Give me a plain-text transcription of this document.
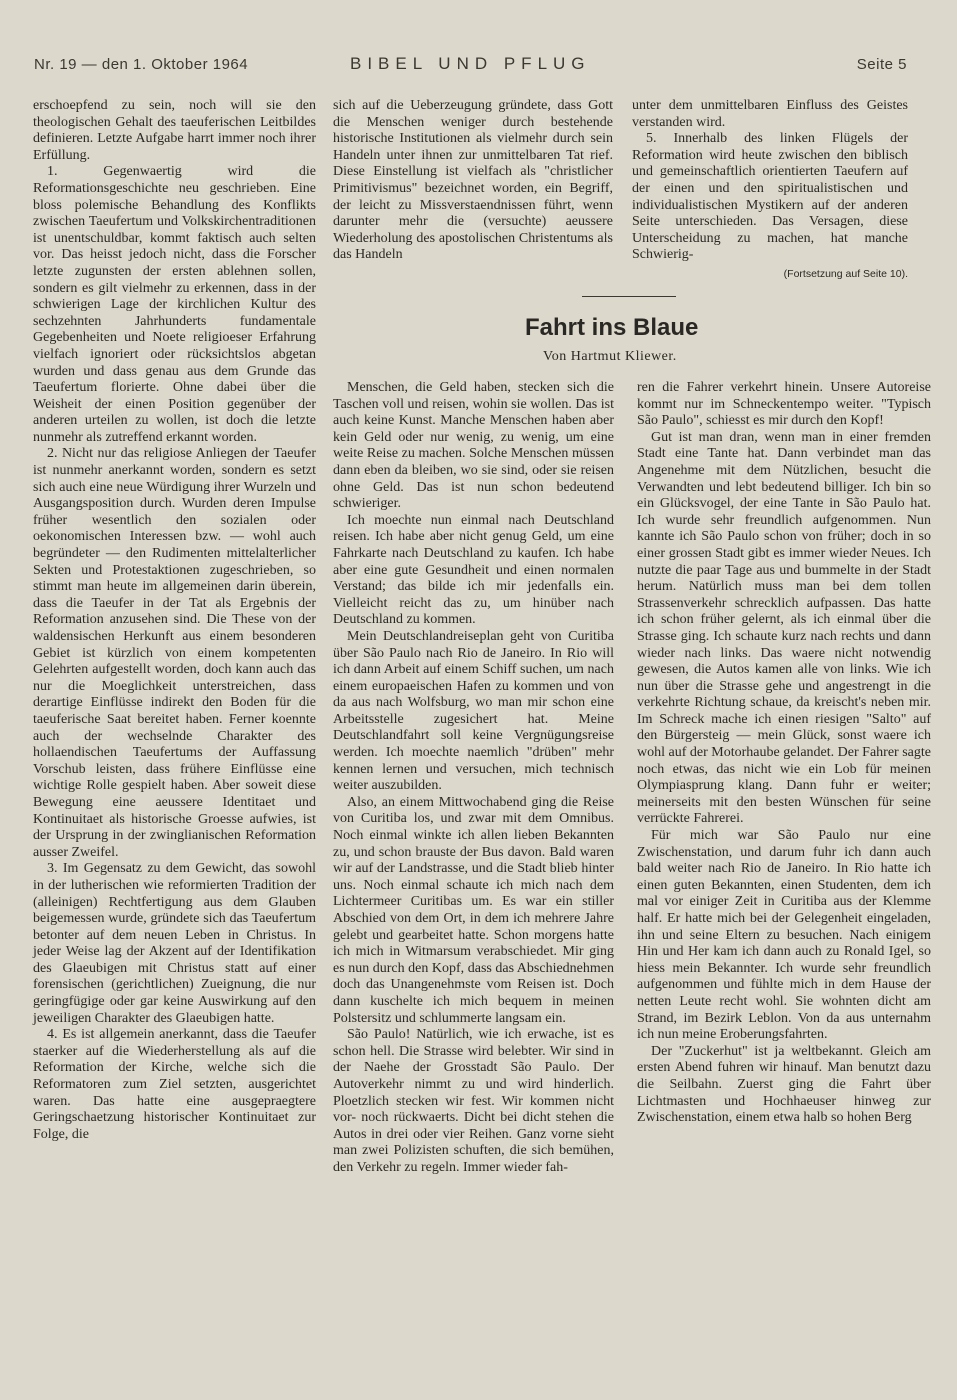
Nr. 19 — den 1. Oktober 1964	BIBEL UND PFLUG	Seite 5

erschoepfend zu sein, noch will sie den theologischen Gehalt des taeuferischen Leitbildes definieren. Letzte Aufgabe harrt immer noch ihrer Erfüllung.

1. Gegenwaertig wird die Reformationsgeschichte neu geschrieben. Eine bloss polemische Behandlung des Konflikts zwischen Taeufertum und Volkskirchentraditionen ist unentschuldbar, kommt faktisch auch selten vor. Das heisst jedoch nicht, dass die Forscher letzte zugunsten der ersten ablehnen sollen, sondern es gilt vielmehr zu erkennen, dass in der schwierigen Lage der kirchlichen Kultur des sechzehnten Jahrhunderts fundamentale Gegebenheiten und Noete religioeser Erfahrung vielfach ignoriert oder rücksichtslos abgetan wurden und dass genau aus dem Grunde das Taeufertum florierte. Ohne dabei über die Weisheit der einen Position gegenüber der anderen urteilen zu wollen, ist doch die letzte nunmehr als zutreffend erkannt worden.

2. Nicht nur das religiose Anliegen der Taeufer ist nunmehr anerkannt worden, sondern es setzt sich auch eine neue Würdigung ihrer Wurzeln und Ausgangsposition durch. Wurden deren Impulse früher wesentlich den sozialen oder oekonomischen Interessen bzw. — wohl auch begründeter — den Rudimenten mittelalterlicher Sekten und Protestaktionen zugeschrieben, so stimmt man heute im allgemeinen darin überein, dass die Taeufer in der Tat als Ergebnis der Reformation anzusehen sind. Die These von der waldensischen Herkunft aus einem besonderen Gebiet ist kürzlich von einem kompetenten Gelehrten aufgestellt worden, doch kann auch das nur die Moeglichkeit unterstreichen, dass derartige Einflüsse indirekt den Boden für die taeuferische Saat bereitet haben. Ferner koennte auch der wechselnde Charakter des hollaendischen Taeufertums der Auffassung Vorschub leisten, dass frühere Einflüsse eine wichtige Rolle gespielt haben. Aber soweit diese Bewegung eine aeussere Identitaet und Kontinuitaet als historische Groesse aufwies, ist der Ursprung in der zwinglianischen Reformation ausser Zweifel.

3. Im Gegensatz zu dem Gewicht, das sowohl in der lutherischen wie reformierten Tradition der (alleinigen) Rechtfertigung aus dem Glauben beigemessen wurde, gründete sich das Taeufertum betonter auf dem neuen Leben in Christus. In jeder Weise lag der Akzent auf der Identifikation des Glaeubigen mit Christus statt auf einer forensischen (gerichtlichen) Zueignung, die nur geringfügige oder gar keine Auswirkung auf den jeweiligen Charakter des Glaeubigen hatte.

4. Es ist allgemein anerkannt, dass die Taeufer staerker auf die Wiederherstellung als auf die Reformation der Kirche, welche sich die Reformatoren zum Ziel setzten, ausgerichtet waren. Das hatte eine ausgepraegtere Geringschaetzung historischer Kontinuitaet zur Folge, die

sich auf die Ueberzeugung gründete, dass Gott die Menschen weniger durch bestehende historische Institutionen als vielmehr durch sein Handeln unter ihnen zur unmittelbaren Tat rief. Diese Einstellung ist vielfach als "christlicher Primitivismus" bezeichnet worden, ein Begriff, der leicht zu Missverstaendnissen führt, wenn darunter mehr die (versuchte) aeussere Wiederholung des apostolischen Christentums als das Handeln

unter dem unmittelbaren Einfluss des Geistes verstanden wird.

5. Innerhalb des linken Flügels der Reformation wird heute zwischen den biblisch und gemeinschaftlich orientierten Taeufern auf der einen und den spiritualistischen und individualistischen Mystikern auf der anderen Seite unterschieden. Das Versagen, diese Unterscheidung zu machen, hat manche Schwierig-

(Fortsetzung auf Seite 10).
Fahrt ins Blaue
Von Hartmut Kliewer.

Menschen, die Geld haben, stecken sich die Taschen voll und reisen, wohin sie wollen. Das ist auch keine Kunst. Manche Menschen haben aber kein Geld oder nur wenig, zu wenig, um eine weite Reise zu machen. Solche Menschen müssen dann eben da bleiben, wo sie sind, oder sie reisen ohne Geld. Das ist nun schon bedeutend schwieriger.

Ich moechte nun einmal nach Deutschland reisen. Ich habe aber nicht genug Geld, um eine Fahrkarte nach Deutschland zu kaufen. Ich habe aber eine gute Gesundheit und einen normalen Verstand; das bilde ich mir jedenfalls ein. Vielleicht reicht das zu, um hinüber nach Deutschland zu kommen.

Mein Deutschlandreiseplan geht von Curitiba über São Paulo nach Rio de Janeiro. In Rio will ich dann Arbeit auf einem Schiff suchen, um nach einem europaeischen Hafen zu kommen und von da aus nach Wolfsburg, wo man mir schon eine Arbeitsstelle zugesichert hat. Meine Deutschlandfahrt soll keine Vergnügungsreise werden. Ich moechte naemlich "drüben" mehr kennen lernen und versuchen, mich technisch weiter auszubilden.

Also, an einem Mittwochabend ging die Reise von Curitiba los, und zwar mit dem Omnibus. Noch einmal winkte ich allen lieben Bekannten zu, und schon brauste der Bus davon. Bald waren wir auf der Landstrasse, und die Stadt blieb hinter uns. Noch einmal schaute ich mich nach dem Lichtermeer Curitibas um. Es war ein stiller Abschied von dem Ort, in dem ich mehrere Jahre gelebt und gearbeitet hatte. Schon morgens hatte ich mich in Witmarsum verabschiedet. Mir ging es nun durch den Kopf, dass das Abschiednehmen doch das Unangenehmste vom Reisen ist. Doch dann kuschelte ich mich bequem in meinen Polstersitz und schlummerte langsam ein.

São Paulo! Natürlich, wie ich erwache, ist es schon hell. Die Strasse wird belebter. Wir sind in der Naehe der Grosstadt São Paulo. Der Autoverkehr nimmt zu und wird hinderlich. Ploetzlich stecken wir fest. Wir kommen nicht vor- noch rückwaerts. Dicht bei dicht stehen die Autos in drei oder vier Reihen. Ganz vorne sieht man zwei Polizisten schuften, die sich bemühen, den Verkehr zu regeln. Immer wieder fah-

ren die Fahrer verkehrt hinein. Unsere Autoreise kommt nur im Schneckentempo weiter. "Typisch São Paulo", schiesst es mir durch den Kopf!

Gut ist man dran, wenn man in einer fremden Stadt eine Tante hat. Dann verbindet man das Angenehme mit dem Nützlichen, besucht die Verwandten und lebt bedeutend billiger. Ich bin so ein Glücksvogel, der eine Tante in São Paulo hat. Ich wurde sehr freundlich aufgenommen. Nun kannte ich São Paulo schon von früher; doch in so einer grossen Stadt gibt es immer wieder Neues. Ich nutzte die paar Tage aus und bummelte in der Stadt herum. Natürlich muss man bei dem tollen Strassenverkehr schrecklich aufpassen. Das hatte ich schon früher gelernt, als ich einmal über die Strasse ging. Ich schaute kurz nach rechts und dann wieder nach links. Das waere nicht notwendig gewesen, die Autos kamen alle von links. Wie ich nun über die Strasse gehe und angestrengt in die verkehrte Richtung schaue, da kreischt's neben mir. Im Schreck mache ich einen riesigen "Salto" auf den Bürgersteig — mein Glück, sonst waere ich wohl auf der Motorhaube gelandet. Der Fahrer sagte noch etwas, das nicht wie ein Lob für meinen Olympiasprung klang. Dann fuhr er weiter; meinerseits mit den besten Wünschen für seine verrückte Fahrerei.

Für mich war São Paulo nur eine Zwischenstation, und darum fuhr ich dann auch bald weiter nach Rio de Janeiro. In Rio hatte ich einen guten Bekannten, einen Studenten, dem ich mal vor einiger Zeit in Curitiba aus der Klemme half. Er hatte mich bei der Gelegenheit eingeladen, ihn und seine Eltern zu besuchen. Nach einigem Hin und Her kam ich dann auch zu Ronald Igel, so hiess mein Bekannter. Ich wurde sehr freundlich aufgenommen und fühlte mich in dem Hause der netten Leute recht wohl. Sie wohnten dicht am Strand, im Bezirk Leblon. Von da aus unternahm ich nun meine Eroberungsfahrten.

Der "Zuckerhut" ist ja weltbekannt. Gleich am ersten Abend fuhren wir hinauf. Man benutzt dazu die Seilbahn. Zuerst ging die Fahrt über Lichtmasten und Hochhaeuser hinweg zur Zwischenstation, einem etwa halb so hohen Berg
